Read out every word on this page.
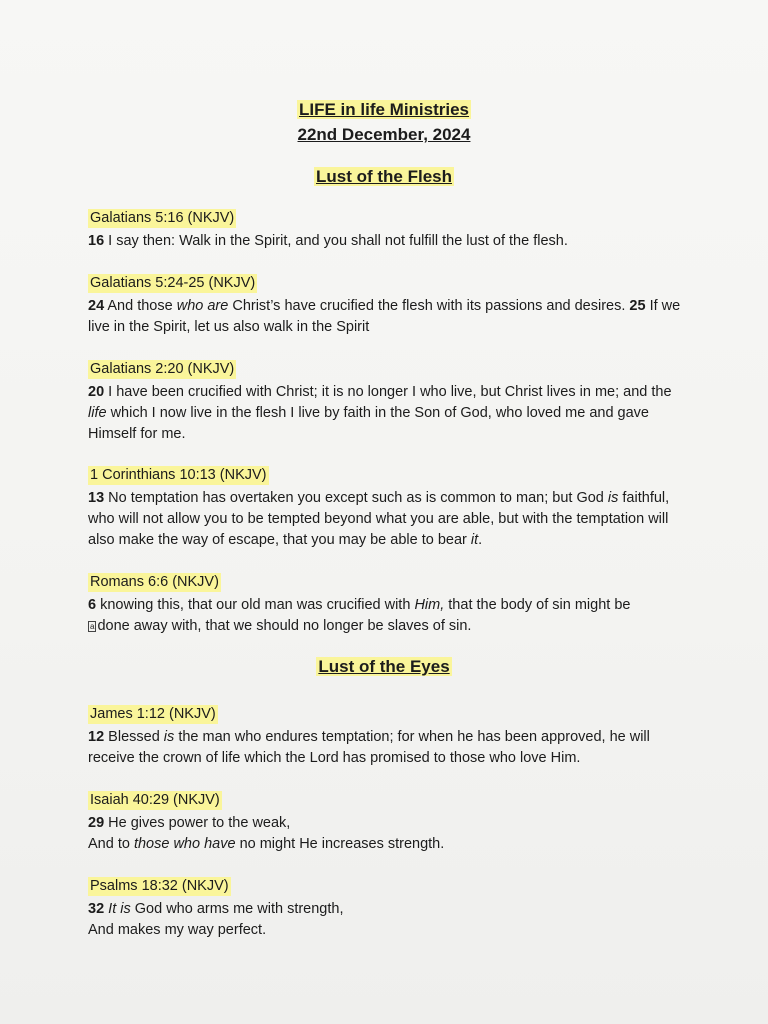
LIFE in life Ministries
22nd December, 2024
Lust of the Flesh
Galatians 5:16 (NKJV)
16 I say then: Walk in the Spirit, and you shall not fulfill the lust of the flesh.
Galatians 5:24-25 (NKJV)
24 And those who are Christ’s have crucified the flesh with its passions and desires. 25 If we live in the Spirit, let us also walk in the Spirit
Galatians 2:20 (NKJV)
20 I have been crucified with Christ; it is no longer I who live, but Christ lives in me; and the life which I now live in the flesh I live by faith in the Son of God, who loved me and gave Himself for me.
1 Corinthians 10:13 (NKJV)
13 No temptation has overtaken you except such as is common to man; but God is faithful, who will not allow you to be tempted beyond what you are able, but with the temptation will also make the way of escape, that you may be able to bear it.
Romans 6:6 (NKJV)
6 knowing this, that our old man was crucified with Him, that the body of sin might be
a done away with, that we should no longer be slaves of sin.
Lust of the Eyes
James 1:12 (NKJV)
12 Blessed is the man who endures temptation; for when he has been approved, he will receive the crown of life which the Lord has promised to those who love Him.
Isaiah 40:29 (NKJV)
29 He gives power to the weak,
And to those who have no might He increases strength.
Psalms 18:32 (NKJV)
32 It is God who arms me with strength,
And makes my way perfect.
